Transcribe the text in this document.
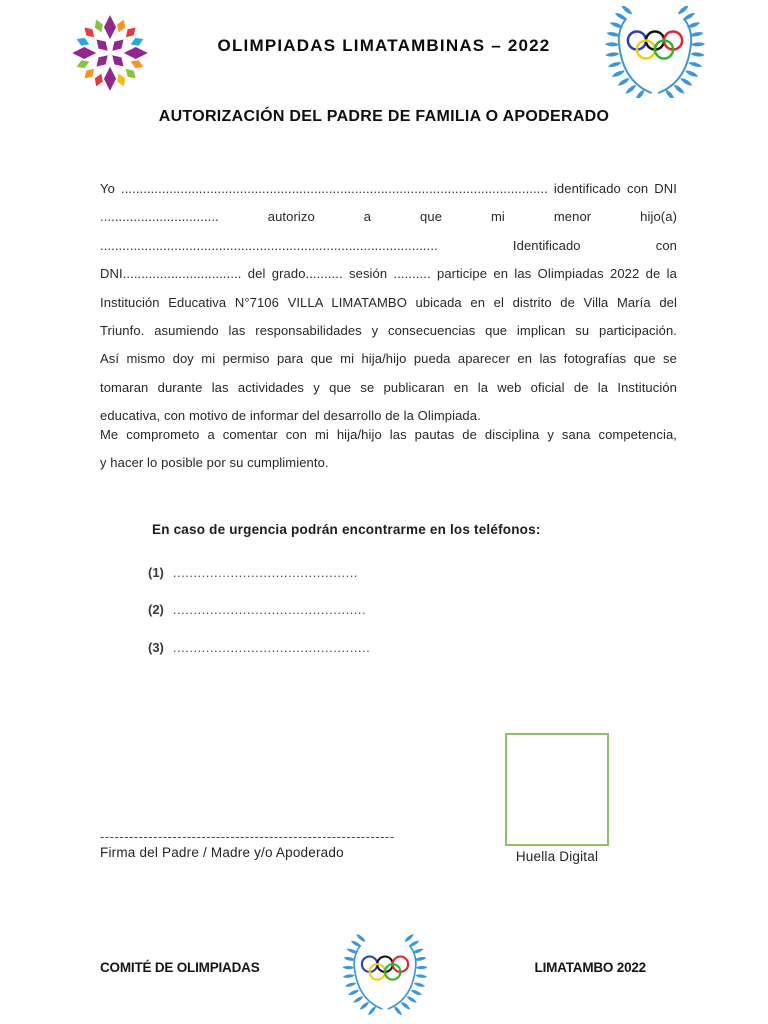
OLIMPIADAS LIMATAMBINAS – 2022
AUTORIZACIÓN DEL PADRE DE FAMILIA O APODERADO
Yo ................................................................................................................... identificado con DNI
................................ autorizo a que mi menor hijo(a)
........................................................................................... Identificado con
DNI................................ del grado.......... sesión .......... participe en las Olimpiadas 2022 de la
Institución Educativa N°7106 VILLA LIMATAMBO ubicada en el distrito de Villa María del
Triunfo. asumiendo las responsabilidades y consecuencias que implican su participación.
Así mismo doy mi permiso para que mi hija/hijo pueda aparecer en las fotografías que se
tomaran durante las actividades y que se publicaran en la web oficial de la Institución
educativa, con motivo de informar del desarrollo de la Olimpiada.
Me comprometo a comentar con mi hija/hijo las pautas de disciplina y sana competencia,
y hacer lo posible por su cumplimiento.
En caso de urgencia podrán encontrarme en los teléfonos:
(1) .............................................
(2) ...............................................
(3) ................................................
-------------------------------------------------------------
Firma del Padre / Madre y/o Apoderado	Huella Digital
COMITÉ DE OLIMPIADAS	LIMATAMBO 2022
